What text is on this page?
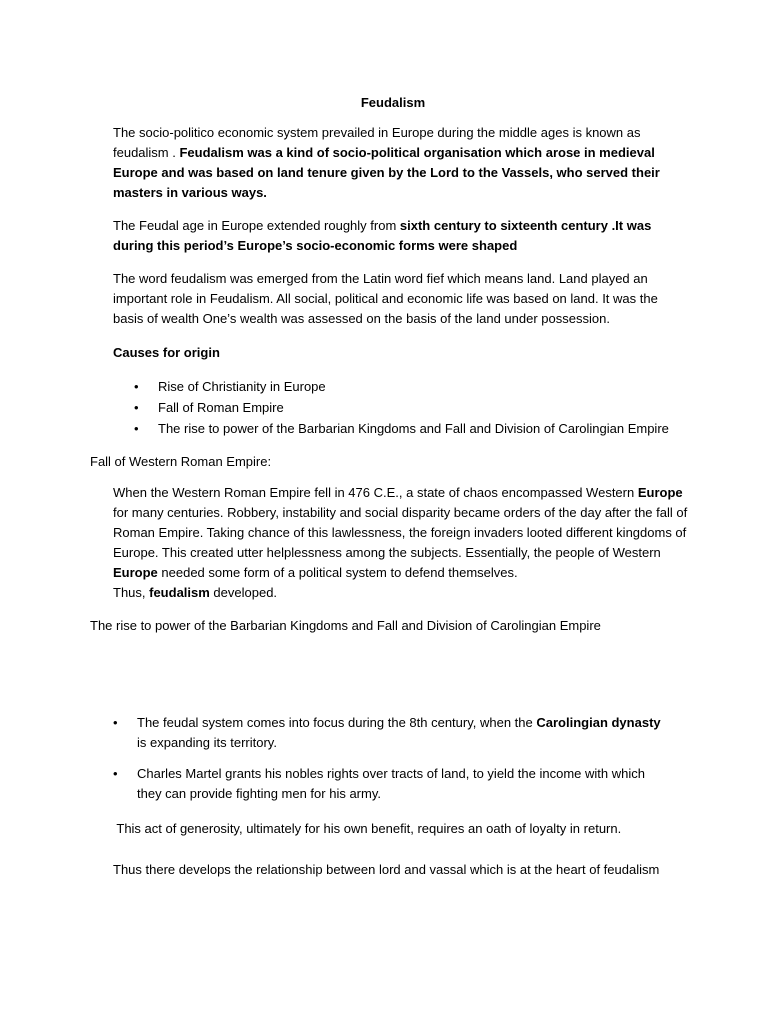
Feudalism
The socio-politico economic system prevailed in Europe during the middle ages is known as feudalism . Feudalism was a kind of socio-political organisation which arose in medieval Europe and was based on land tenure given by the Lord to the Vassels, who served their masters in various ways.
The Feudal age in Europe extended roughly from sixth century to sixteenth century .It was during this period’s Europe’s socio-economic forms were shaped
The word feudalism was emerged from the Latin word fief which means land. Land played an important role in Feudalism. All social, political and economic life was based on land. It was the basis of wealth One’s wealth was assessed on the basis of the land under possession.
Causes for origin
• Rise of Christianity in Europe
• Fall of Roman Empire
• The rise to power of the Barbarian Kingdoms and Fall and Division of Carolingian Empire
Fall of Western Roman Empire:
When the Western Roman Empire fell in 476 C.E., a state of chaos encompassed Western Europe for many centuries. Robbery, instability and social disparity became orders of the day after the fall of Roman Empire. Taking chance of this lawlessness, the foreign invaders looted different kingdoms of Europe. This created utter helplessness among the subjects. Essentially, the people of Western Europe needed some form of a political system to defend themselves.
Thus, feudalism developed.
The rise to power of the Barbarian Kingdoms and Fall and Division of Carolingian Empire
• The feudal system comes into focus during the 8th century, when the Carolingian dynasty is expanding its territory.
• Charles Martel grants his nobles rights over tracts of land, to yield the income with which they can provide fighting men for his army.
This act of generosity, ultimately for his own benefit, requires an oath of loyalty in return.
Thus there develops the relationship between lord and vassal which is at the heart of feudalism
